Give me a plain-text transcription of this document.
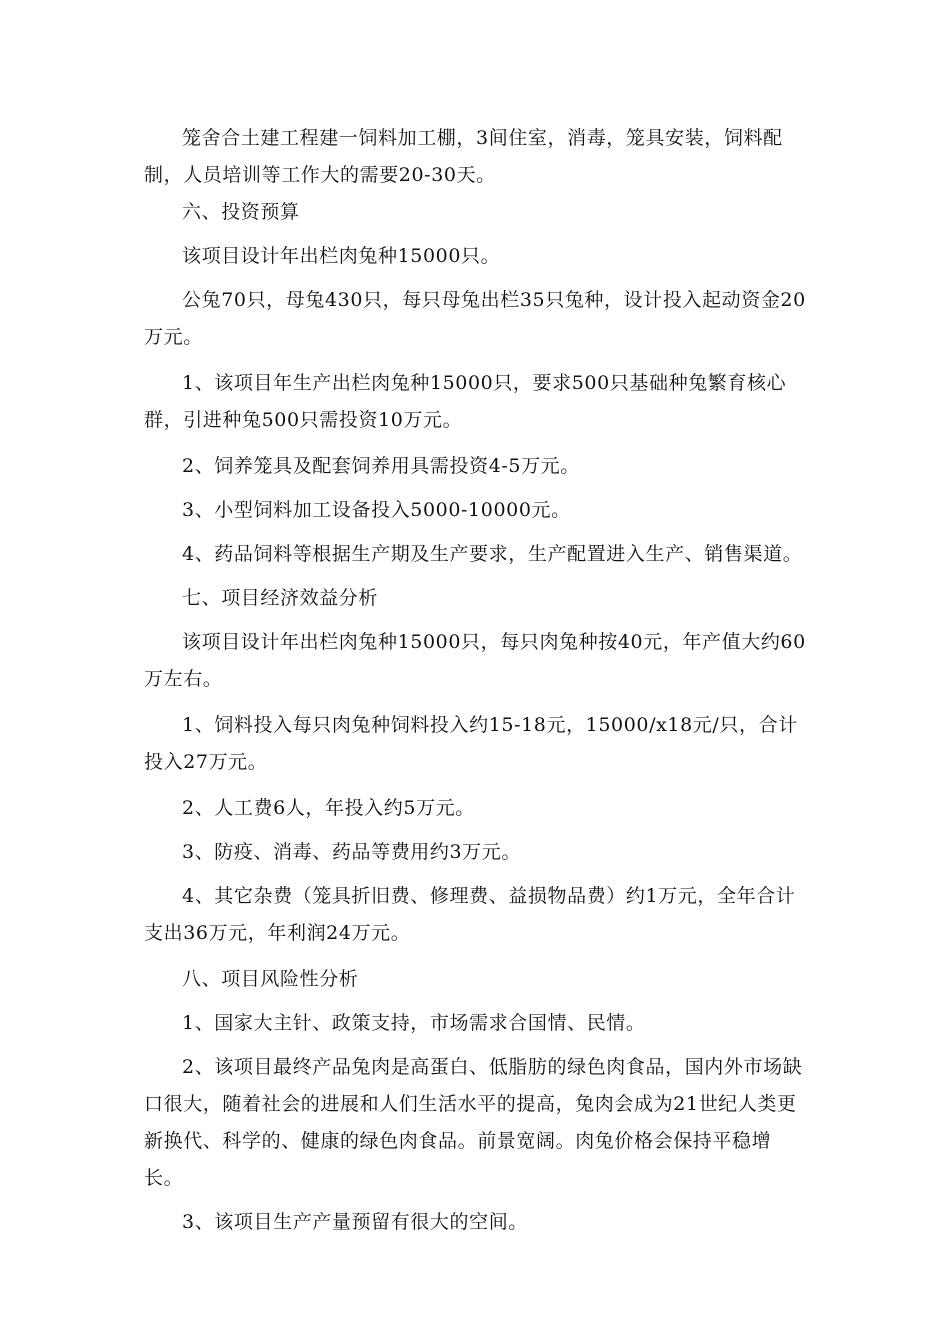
笼舍合土建工程建一饲料加工棚，3间住室，消毒，笼具安装，饲料配制，人员培训等工作大的需要20-30天。

六、投资预算

该项目设计年出栏肉兔种15000只。

公兔70只，母兔430只，每只母兔出栏35只兔种，设计投入起动资金20万元。

1、该项目年生产出栏肉兔种15000只，要求500只基础种兔繁育核心群，引进种兔500只需投资10万元。

2、饲养笼具及配套饲养用具需投资4-5万元。

3、小型饲料加工设备投入5000-10000元。

4、药品饲料等根据生产期及生产要求，生产配置进入生产、销售渠道。

七、项目经济效益分析

该项目设计年出栏肉兔种15000只，每只肉兔种按40元，年产值大约60万左右。

1、饲料投入每只肉兔种饲料投入约15-18元，15000/x18元/只，合计投入27万元。

2、人工费6人，年投入约5万元。

3、防疫、消毒、药品等费用约3万元。

4、其它杂费（笼具折旧费、修理费、益损物品费）约1万元，全年合计支出36万元，年利润24万元。

八、项目风险性分析

1、国家大主针、政策支持，市场需求合国情、民情。

2、该项目最终产品兔肉是高蛋白、低脂肪的绿色肉食品，国内外市场缺口很大，随着社会的进展和人们生活水平的提高，兔肉会成为21世纪人类更新换代、科学的、健康的绿色肉食品。前景宽阔。肉兔价格会保持平稳增长。

3、该项目生产产量预留有很大的空间。
